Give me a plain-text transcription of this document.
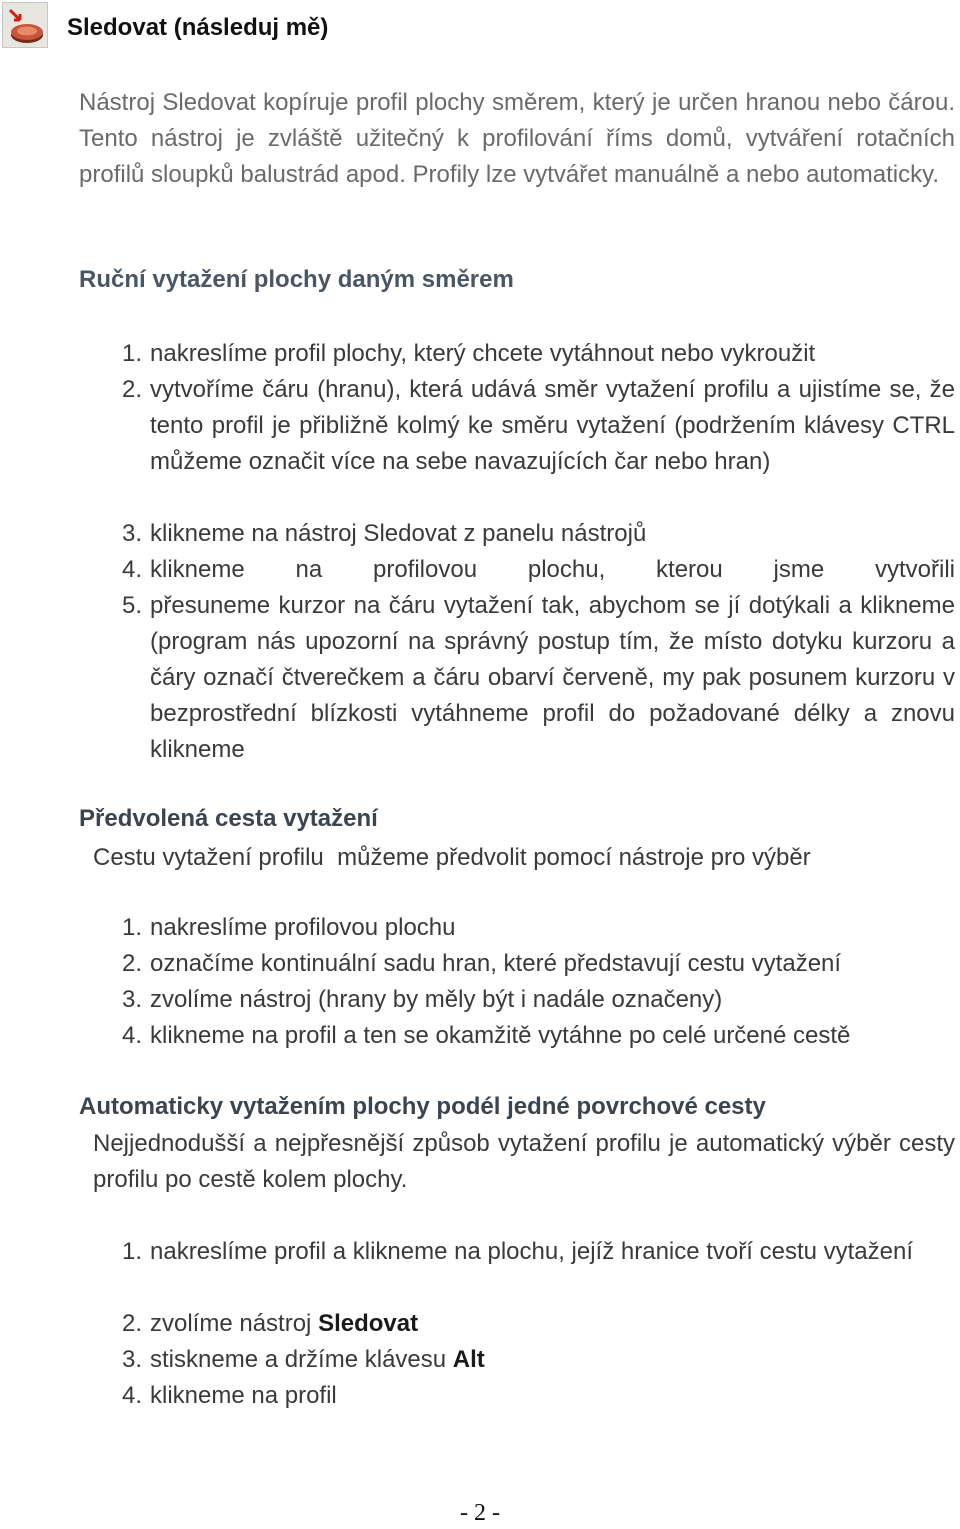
Sledovat (následuj mě)
Nástroj Sledovat kopíruje profil plochy směrem, který je určen hranou nebo čárou. Tento nástroj je zvláště užitečný k profilování říms domů, vytváření rotačních profilů sloupků balustrád apod. Profily lze vytvářet manuálně a nebo automaticky.
Ruční vytažení plochy daným směrem
1. nakreslíme profil plochy, který chcete vytáhnout nebo vykroužit
2. vytvoříme čáru (hranu), která udává směr vytažení profilu a ujistíme se, že tento profil je přibližně kolmý ke směru vytažení (podržením klávesy CTRL můžeme označit více na sebe navazujících čar nebo hran)
3. klikneme na nástroj Sledovat z panelu nástrojů
4. klikneme na profilovou plochu, kterou jsme vytvořili
5. přesuneme kurzor na čáru vytažení tak, abychom se jí dotýkali a klikneme (program nás upozorní na správný postup tím, že místo dotyku kurzoru a čáry označí čtverečkem a čáru obarví červeně, my pak posunem kurzoru v bezprostřední blízkosti vytáhneme profil do požadované délky a znovu klikneme
Předvolená cesta vytažení
Cestu vytažení profilu  můžeme předvolit pomocí nástroje pro výběr
1. nakreslíme profilovou plochu
2. označíme kontinuální sadu hran, které představují cestu vytažení
3. zvolíme nástroj (hrany by měly být i nadále označeny)
4. klikneme na profil a ten se okamžitě vytáhne po celé určené cestě
Automaticky vytažením plochy podél jedné povrchové cesty
Nejjednodušší a nejpřesnější způsob vytažení profilu je automatický výběr cesty profilu po cestě kolem plochy.
1. nakreslíme profil a klikneme na plochu, jejíž hranice tvoří cestu vytažení
2. zvolíme nástroj Sledovat
3. stiskneme a držíme klávesu Alt
4. klikneme na profil
- 2 -
